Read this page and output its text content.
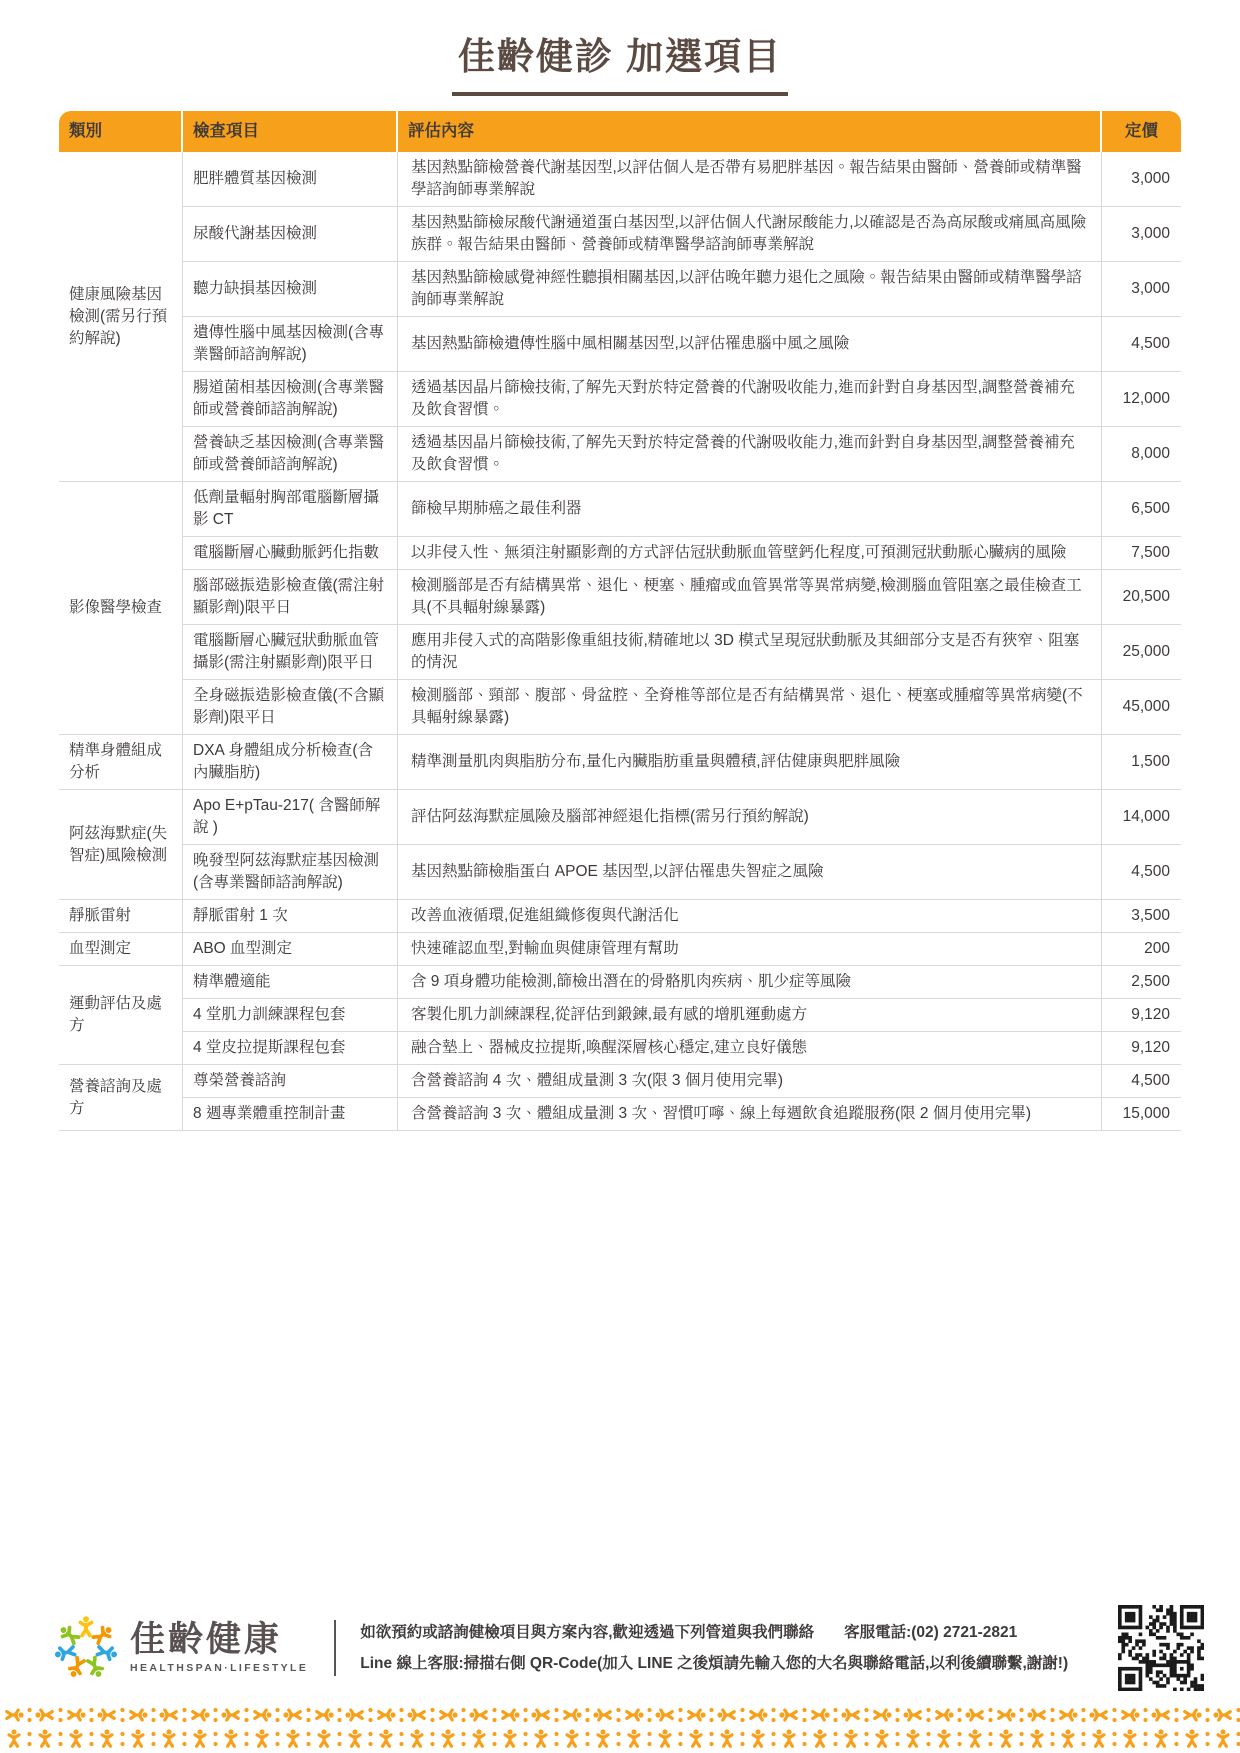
佳齡健診 加選項目
類別	檢查項目	評估內容	定價
健康風險基因檢測(需另行預約解說)	肥胖體質基因檢測	基因熱點篩檢營養代謝基因型,以評估個人是否帶有易肥胖基因。報告結果由醫師、營養師或精準醫學諮詢師專業解說	3,000
	尿酸代謝基因檢測	基因熱點篩檢尿酸代謝通道蛋白基因型,以評估個人代謝尿酸能力,以確認是否為高尿酸或痛風高風險族群。報告結果由醫師、營養師或精準醫學諮詢師專業解說	3,000
	聽力缺損基因檢測	基因熱點篩檢感覺神經性聽損相關基因,以評估晚年聽力退化之風險。報告結果由醫師或精準醫學諮詢師專業解說	3,000
	遺傳性腦中風基因檢測(含專業醫師諮詢解說)	基因熱點篩檢遺傳性腦中風相關基因型,以評估罹患腦中風之風險	4,500
	腸道菌相基因檢測(含專業醫師或營養師諮詢解說)	透過基因晶片篩檢技術,了解先天對於特定營養的代謝吸收能力,進而針對自身基因型,調整營養補充及飲食習慣。	12,000
	營養缺乏基因檢測(含專業醫師或營養師諮詢解說)	透過基因晶片篩檢技術,了解先天對於特定營養的代謝吸收能力,進而針對自身基因型,調整營養補充及飲食習慣。	8,000
影像醫學檢查	低劑量輻射胸部電腦斷層攝影 CT	篩檢早期肺癌之最佳利器	6,500
	電腦斷層心臟動脈鈣化指數	以非侵入性、無須注射顯影劑的方式評估冠狀動脈血管壁鈣化程度,可預測冠狀動脈心臟病的風險	7,500
	腦部磁振造影檢查儀(需注射顯影劑)限平日	檢測腦部是否有結構異常、退化、梗塞、腫瘤或血管異常等異常病變,檢測腦血管阻塞之最佳檢查工具(不具輻射線暴露)	20,500
	電腦斷層心臟冠狀動脈血管攝影(需注射顯影劑)限平日	應用非侵入式的高階影像重組技術,精確地以 3D 模式呈現冠狀動脈及其細部分支是否有狹窄、阻塞的情況	25,000
	全身磁振造影檢查儀(不含顯影劑)限平日	檢測腦部、頸部、腹部、骨盆腔、全脊椎等部位是否有結構異常、退化、梗塞或腫瘤等異常病變(不具輻射線暴露)	45,000
精準身體組成分析	DXA 身體組成分析檢查(含內臟脂肪)	精準測量肌肉與脂肪分布,量化內臟脂肪重量與體積,評估健康與肥胖風險	1,500
阿茲海默症(失智症)風險檢測	Apo E+pTau-217( 含醫師解說 )	評估阿茲海默症風險及腦部神經退化指標(需另行預約解說)	14,000
	晚發型阿茲海默症基因檢測(含專業醫師諮詢解說)	基因熱點篩檢脂蛋白 APOE 基因型,以評估罹患失智症之風險	4,500
靜脈雷射	靜脈雷射 1 次	改善血液循環,促進組織修復與代謝活化	3,500
血型測定	ABO 血型測定	快速確認血型,對輸血與健康管理有幫助	200
運動評估及處方	精準體適能	含 9 項身體功能檢測,篩檢出潛在的骨骼肌肉疾病、肌少症等風險	2,500
	4 堂肌力訓練課程包套	客製化肌力訓練課程,從評估到鍛鍊,最有感的增肌運動處方	9,120
	4 堂皮拉提斯課程包套	融合墊上、器械皮拉提斯,喚醒深層核心穩定,建立良好儀態	9,120
營養諮詢及處方	尊榮營養諮詢	含營養諮詢 4 次、體組成量測 3 次(限 3 個月使用完畢)	4,500
	8 週專業體重控制計畫	含營養諮詢 3 次、體組成量測 3 次、習慣叮嚀、線上每週飲食追蹤服務(限 2 個月使用完畢)	15,000
佳齡健康
HEALTHSPAN·LIFESTYLE
如欲預約或諮詢健檢項目與方案內容,歡迎透過下列管道與我們聯絡 客服電話:(02) 2721-2821
Line 線上客服:掃描右側 QR-Code(加入 LINE 之後煩請先輸入您的大名與聯絡電話,以利後續聯繫,謝謝!)
